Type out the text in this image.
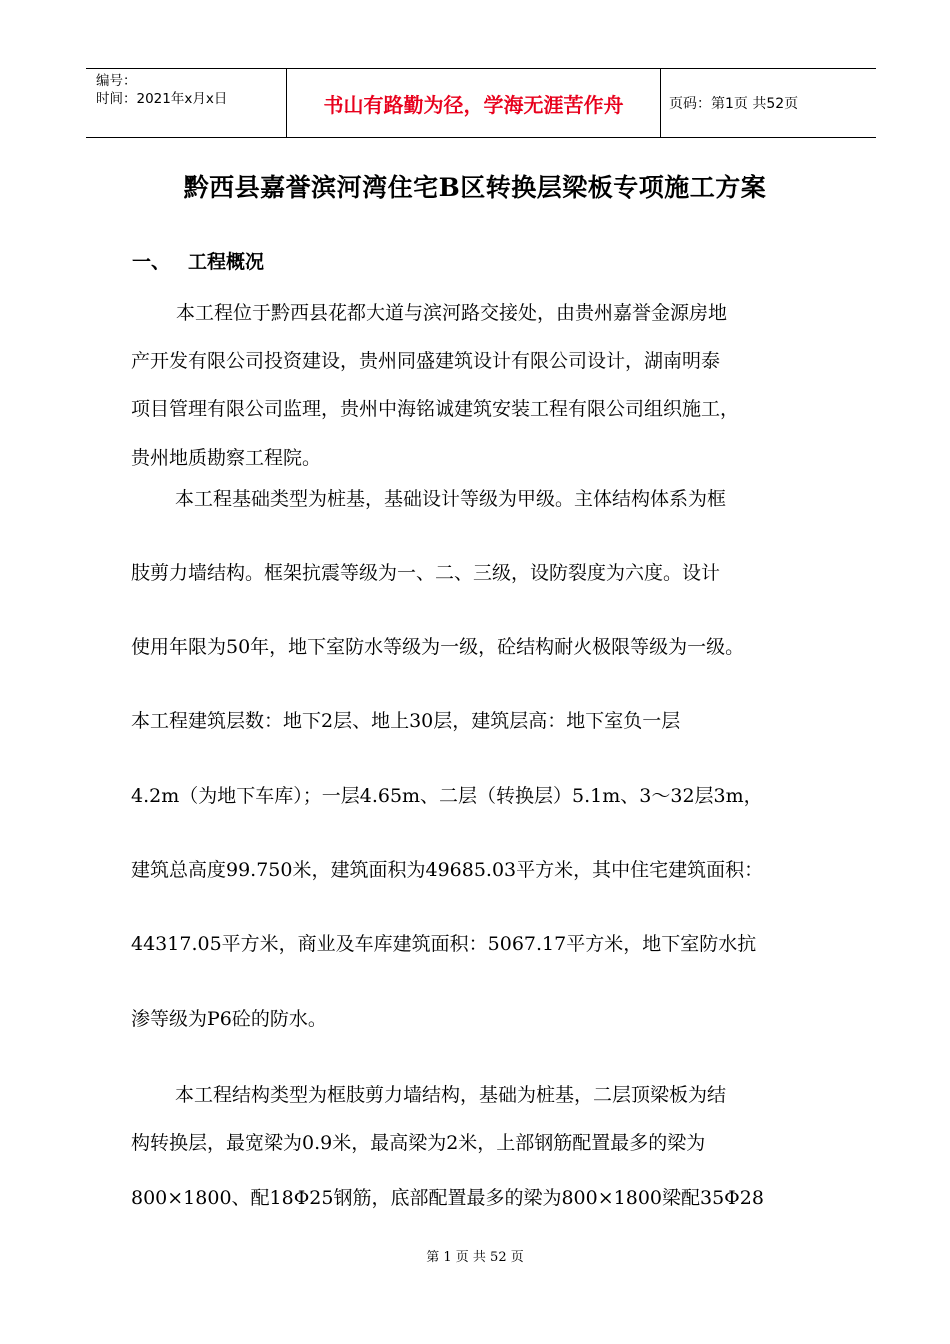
编号：
时间：2021年x月x日	书山有路勤为径，学海无涯苦作舟	页码：第1页 共52页
黔西县嘉誉滨河湾住宅B区转换层梁板专项施工方案
一、 工程概况
本工程位于黔西县花都大道与滨河路交接处，由贵州嘉誉金源房地
产开发有限公司投资建设，贵州同盛建筑设计有限公司设计，湖南明泰
项目管理有限公司监理，贵州中海铭诚建筑安装工程有限公司组织施工，
贵州地质勘察工程院。
本工程基础类型为桩基，基础设计等级为甲级。主体结构体系为框
肢剪力墙结构。框架抗震等级为一、二、三级，设防裂度为六度。设计
使用年限为50年，地下室防水等级为一级，砼结构耐火极限等级为一级。
本工程建筑层数：地下2层、地上30层，建筑层高：地下室负一层
4.2m（为地下车库）；一层4.65m、二层（转换层）5.1m、3～32层3m，
建筑总高度99.750米，建筑面积为49685.03平方米，其中住宅建筑面积：
44317.05平方米，商业及车库建筑面积：5067.17平方米，地下室防水抗
渗等级为P6砼的防水。
本工程结构类型为框肢剪力墙结构，基础为桩基，二层顶梁板为结
构转换层，最宽梁为0.9米，最高梁为2米，上部钢筋配置最多的梁为
800×1800、配18Φ25钢筋，底部配置最多的梁为800×1800梁配35Φ28
第 1 页 共 52 页
